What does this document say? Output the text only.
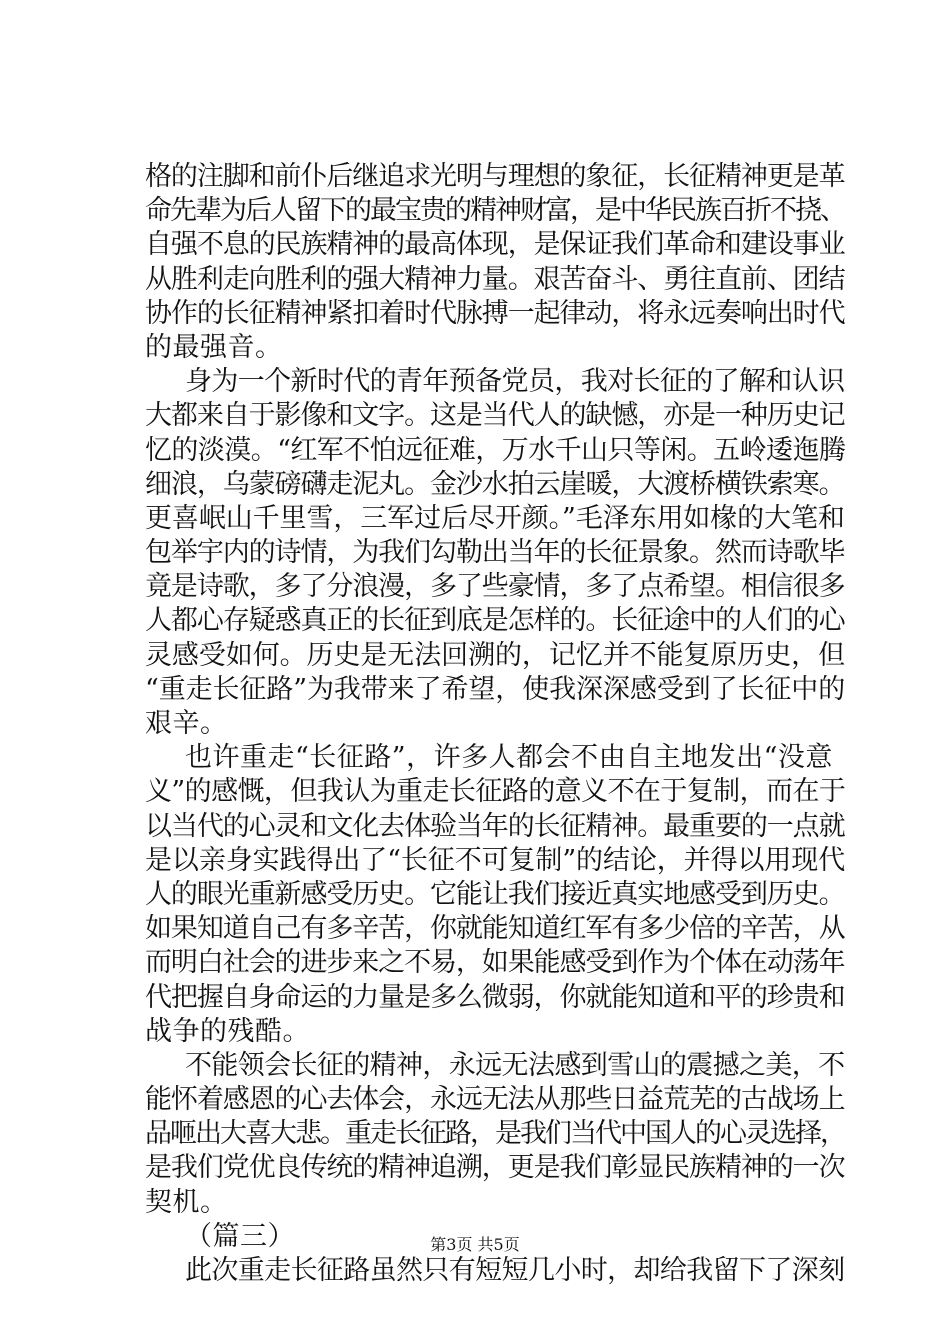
格的注脚和前仆后继追求光明与理想的象征，长征精神更是革
命先辈为后人留下的最宝贵的精神财富，是中华民族百折不挠、
自强不息的民族精神的最高体现，是保证我们革命和建设事业
从胜利走向胜利的强大精神力量。艰苦奋斗、勇往直前、团结
协作的长征精神紧扣着时代脉搏一起律动，将永远奏响出时代
的最强音。
身为一个新时代的青年预备党员，我对长征的了解和认识
大都来自于影像和文字。这是当代人的缺憾，亦是一种历史记
忆的淡漠。“红军不怕远征难，万水千山只等闲。五岭逶迤腾
细浪，乌蒙磅礴走泥丸。金沙水拍云崖暖，大渡桥横铁索寒。
更喜岷山千里雪，三军过后尽开颜。”毛泽东用如椽的大笔和
包举宇内的诗情，为我们勾勒出当年的长征景象。然而诗歌毕
竟是诗歌，多了分浪漫，多了些豪情，多了点希望。相信很多
人都心存疑惑真正的长征到底是怎样的。长征途中的人们的心
灵感受如何。历史是无法回溯的，记忆并不能复原历史，但
“重走长征路”为我带来了希望，使我深深感受到了长征中的
艰辛。
也许重走“长征路”，许多人都会不由自主地发出“没意
义”的感慨，但我认为重走长征路的意义不在于复制，而在于
以当代的心灵和文化去体验当年的长征精神。最重要的一点就
是以亲身实践得出了“长征不可复制”的结论，并得以用现代
人的眼光重新感受历史。它能让我们接近真实地感受到历史。
如果知道自己有多辛苦，你就能知道红军有多少倍的辛苦，从
而明白社会的进步来之不易，如果能感受到作为个体在动荡年
代把握自身命运的力量是多么微弱，你就能知道和平的珍贵和
战争的残酷。
不能领会长征的精神，永远无法感到雪山的震撼之美，不
能怀着感恩的心去体会，永远无法从那些日益荒芜的古战场上
品咂出大喜大悲。重走长征路，是我们当代中国人的心灵选择，
是我们党优良传统的精神追溯，更是我们彰显民族精神的一次
契机。
（篇三）
此次重走长征路虽然只有短短几小时，却给我留下了深刻
第3页 共5页
